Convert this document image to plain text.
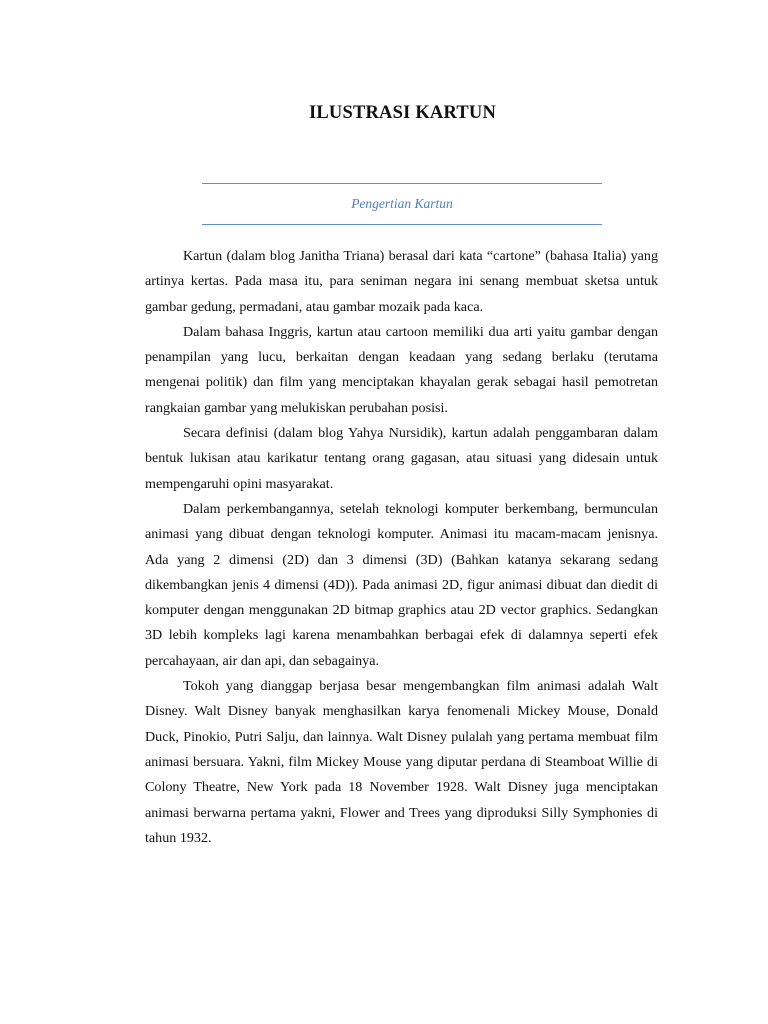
ILUSTRASI KARTUN
Pengertian Kartun

Kartun (dalam blog Janitha Triana) berasal dari kata “cartone” (bahasa Italia) yang artinya kertas. Pada masa itu, para seniman negara ini senang membuat sketsa untuk gambar gedung, permadani, atau gambar mozaik pada kaca.

Dalam bahasa Inggris, kartun atau cartoon memiliki dua arti yaitu gambar dengan penampilan yang lucu, berkaitan dengan keadaan yang sedang berlaku (terutama mengenai politik) dan film yang menciptakan khayalan gerak sebagai hasil pemotretan rangkaian gambar yang melukiskan perubahan posisi.

Secara definisi (dalam blog Yahya Nursidik), kartun adalah penggambaran dalam bentuk lukisan atau karikatur tentang orang gagasan, atau situasi yang didesain untuk mempengaruhi opini masyarakat.

Dalam perkembangannya, setelah teknologi komputer berkembang, bermunculan animasi yang dibuat dengan teknologi komputer. Animasi itu macam-macam jenisnya. Ada yang 2 dimensi (2D) dan 3 dimensi (3D) (Bahkan katanya sekarang sedang dikembangkan jenis 4 dimensi (4D)). Pada animasi 2D, figur animasi dibuat dan diedit di komputer dengan menggunakan 2D bitmap graphics atau 2D vector graphics. Sedangkan 3D lebih kompleks lagi karena menambahkan berbagai efek di dalamnya seperti efek percahayaan, air dan api, dan sebagainya.

Tokoh yang dianggap berjasa besar mengembangkan film animasi adalah Walt Disney. Walt Disney banyak menghasilkan karya fenomenali Mickey Mouse, Donald Duck, Pinokio, Putri Salju, dan lainnya. Walt Disney pulalah yang pertama membuat film animasi bersuara. Yakni, film Mickey Mouse yang diputar perdana di Steamboat Willie di Colony Theatre, New York pada 18 November 1928. Walt Disney juga menciptakan animasi berwarna pertama yakni, Flower and Trees yang diproduksi Silly Symphonies di tahun 1932.
